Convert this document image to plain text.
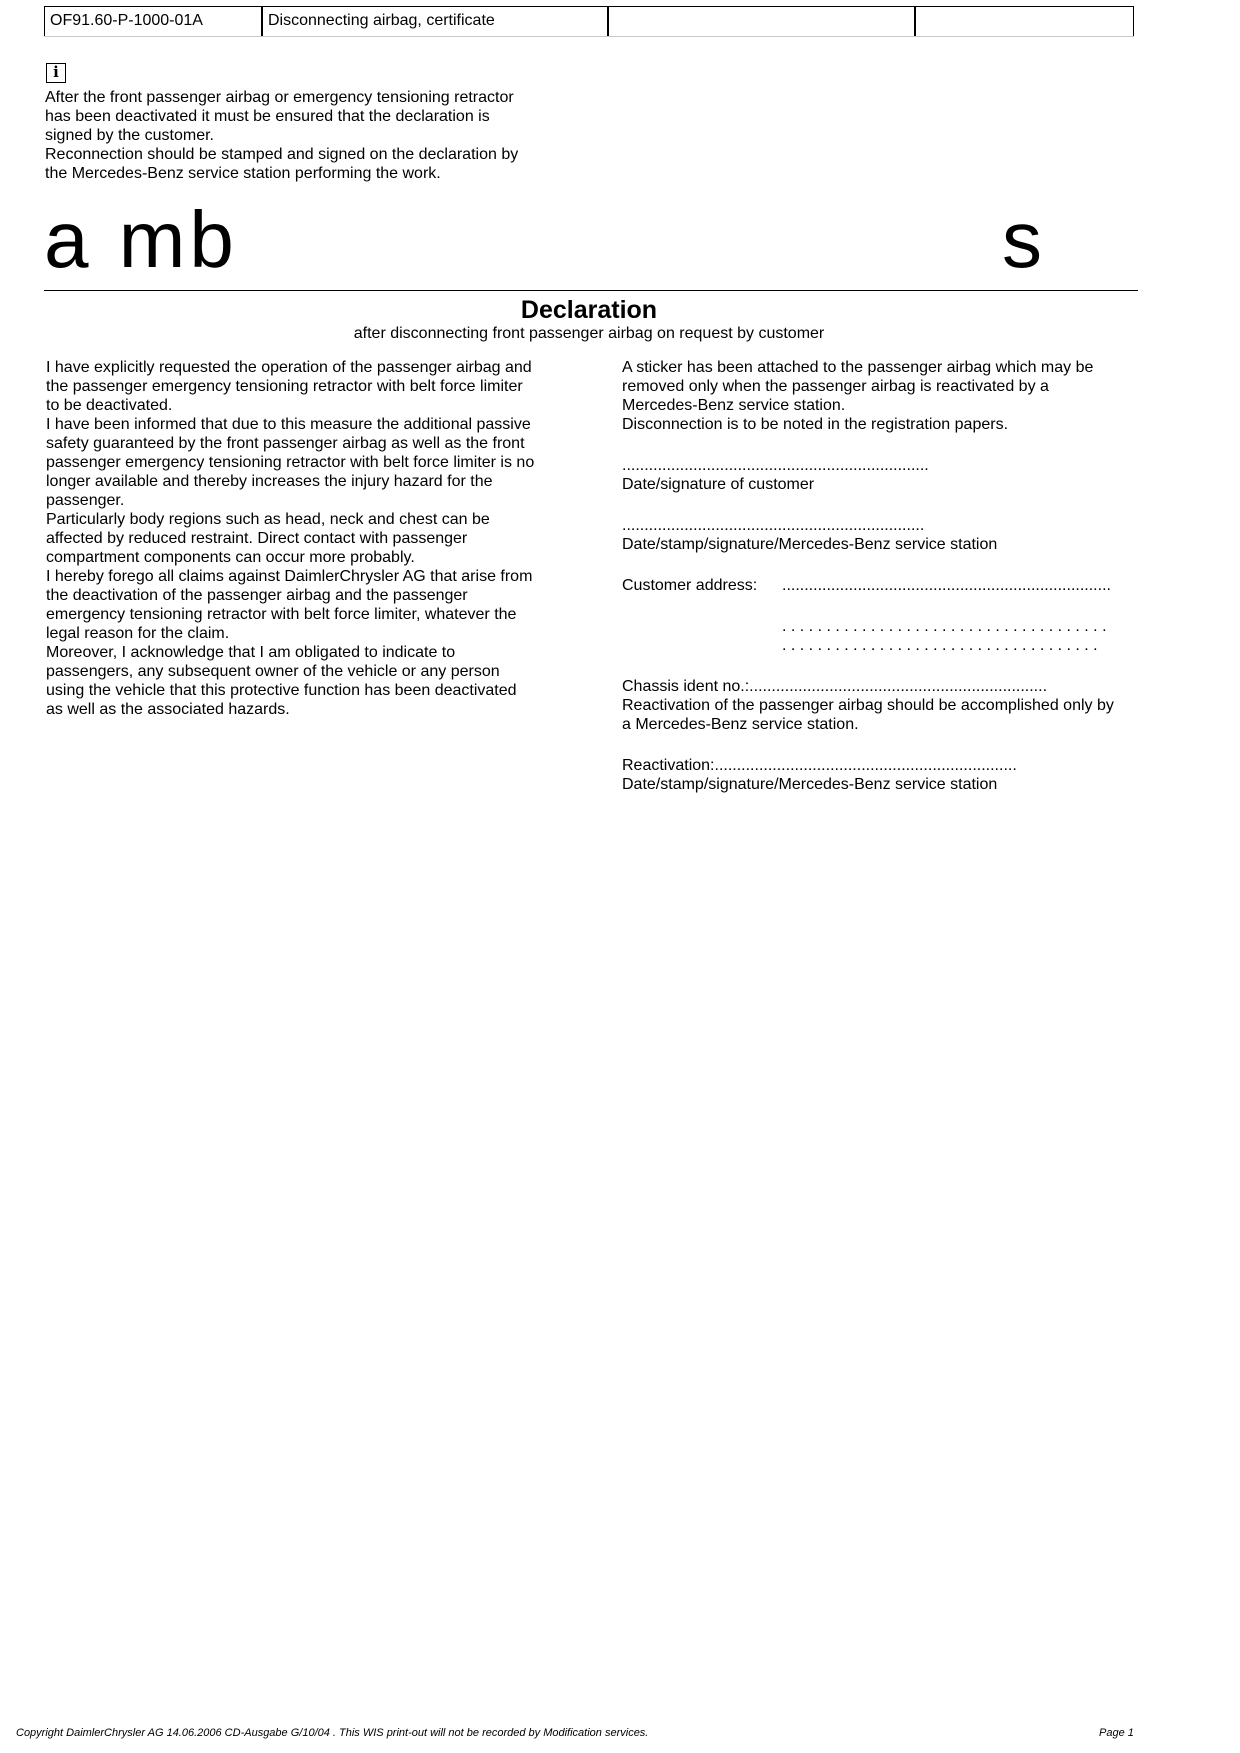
OF91.60-P-1000-01A	Disconnecting airbag, certificate
i

After the front passenger airbag or emergency tensioning retractor

has been deactivated it must be ensured that the declaration is

signed by the customer.

Reconnection should be stamped and signed on the declaration by

the Mercedes-Benz service station performing the work.

a mb	s
Declaration
after disconnecting front passenger airbag on request by customer

I have explicitly requested the operation of the passenger airbag and

the passenger emergency tensioning retractor with belt force limiter

to be deactivated.

I have been informed that due to this measure the additional passive

safety guaranteed by the front passenger airbag as well as the front

passenger emergency tensioning retractor with belt force limiter is no

longer available and thereby increases the injury hazard for the

passenger.

Particularly body regions such as head, neck and chest can be

affected by reduced restraint. Direct contact with passenger

compartment components can occur more probably.

I hereby forego all claims against DaimlerChrysler AG that arise from

the deactivation of the passenger airbag and the passenger

emergency tensioning retractor with belt force limiter, whatever the

legal reason for the claim.

Moreover, I acknowledge that I am obligated to indicate to

passengers, any subsequent owner of the vehicle or any person

using the vehicle that this protective function has been deactivated

as well as the associated hazards.

A sticker has been attached to the passenger airbag which may be

removed only when the passenger airbag is reactivated by a

Mercedes-Benz service station.

Disconnection is to be noted in the registration papers.

.....................................................................

Date/signature of customer

....................................................................

Date/stamp/signature/Mercedes-Benz service station

Customer address:	..........................................................................

. . . . . . . . . . . . . . . . . . . . . . . . . . . . . . . . . . . . .

. . . . . . . . . . . . . . . . . . . . . . . . . . . . . . . . . . . .

Chassis ident no.:...................................................................

Reactivation of the passenger airbag should be accomplished only by

a Mercedes-Benz service station.

Reactivation:....................................................................

Date/stamp/signature/Mercedes-Benz service station

Copyright DaimlerChrysler AG 14.06.2006 CD-Ausgabe G/10/04 . This WIS print-out will not be recorded by Modification services.	Page 1
